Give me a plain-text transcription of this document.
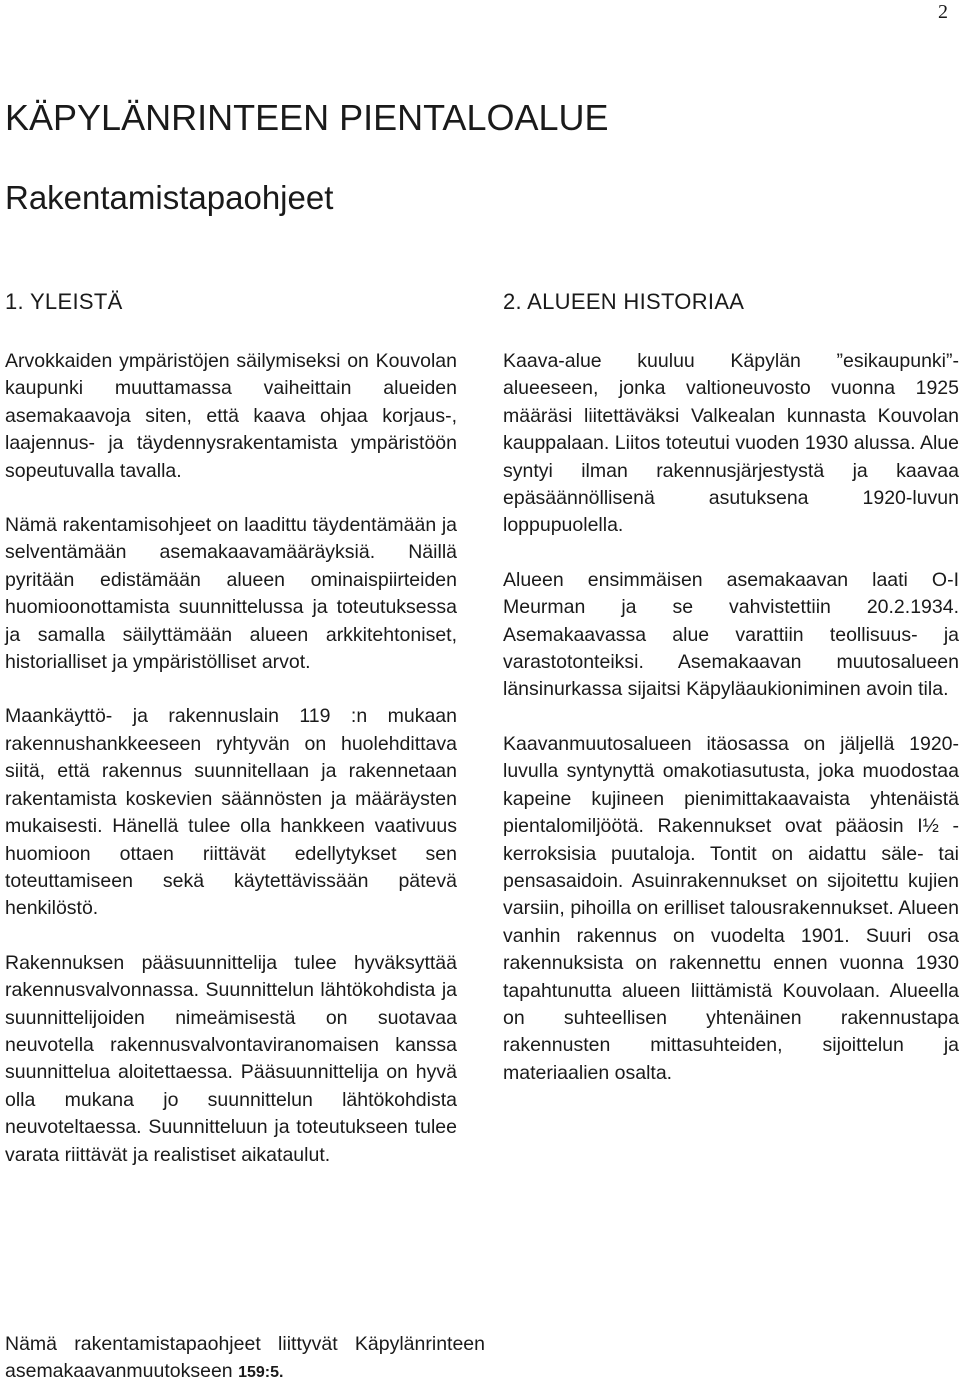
2
KÄPYLÄNRINTEEN PIENTALOALUE
Rakentamistapaohjeet
1. YLEISTÄ

Arvokkaiden ympäristöjen säilymiseksi on Kouvolan kaupunki muuttamassa vaiheittain alueiden asemakaavoja siten, että kaava ohjaa korjaus-, laajennus- ja täydennysrakentamista ympäristöön sopeutuvalla tavalla.

Nämä rakentamisohjeet on laadittu täydentämään ja selventämään asemakaavamääräyksiä. Näillä pyritään edistämään alueen ominaispiirteiden huomioonottamista suunnittelussa ja toteutuksessa ja samalla säilyttämään alueen arkkitehtoniset, historialliset ja ympäristölliset arvot.

Maankäyttö- ja rakennuslain 119 :n mukaan rakennushankkeeseen ryhtyvän on huolehdittava siitä, että rakennus suunnitellaan ja rakennetaan rakentamista koskevien säännösten ja määräysten mukaisesti. Hänellä tulee olla hankkeen vaativuus huomioon ottaen riittävät edellytykset sen toteuttamiseen sekä käytettävissään pätevä henkilöstö.

Rakennuksen pääsuunnittelija tulee hyväksyttää rakennusvalvonnassa. Suunnittelun lähtökohdista ja suunnittelijoiden nimeämisestä on suotavaa neuvotella rakennusvalvontaviranomaisen kanssa suunnittelua aloitettaessa. Pääsuunnittelija on hyvä olla mukana jo suunnittelun lähtökohdista neuvoteltaessa. Suunnitteluun ja toteutukseen tulee varata riittävät ja realistiset aikataulut.

Nämä rakentamistapaohjeet liittyvät Käpylänrinteen asemakaavanmuutokseen 159:5.

2. ALUEEN HISTORIAA

Kaava-alue kuuluu Käpylän ”esikaupunki”-alueeseen, jonka valtioneuvosto vuonna 1925 määräsi liitettäväksi Valkealan kunnasta Kouvolan kauppalaan. Liitos toteutui vuoden 1930 alussa. Alue syntyi ilman rakennusjärjestystä ja kaavaa epäsäännöllisenä asutuksena 1920-luvun loppupuolella.

Alueen ensimmäisen asemakaavan laati O-I Meurman ja se vahvistettiin 20.2.1934. Asemakaavassa alue varattiin teollisuus- ja varastotonteiksi. Asemakaavan muutosalueen länsinurkassa sijaitsi Käpyläaukioniminen avoin tila.

Kaavanmuutosalueen itäosassa on jäljellä 1920-luvulla syntynyttä omakotiasutusta, joka muodostaa kapeine kujineen pienimittakaavaista yhtenäistä pientalomiljöötä. Rakennukset ovat pääosin I½ -kerroksisia puutaloja. Tontit on aidattu säle- tai pensasaidoin. Asuinrakennukset on sijoitettu kujien varsiin, pihoilla on erilliset talousrakennukset. Alueen vanhin rakennus on vuodelta 1901. Suuri osa rakennuksista on rakennettu ennen vuonna 1930 tapahtunutta alueen liittämistä Kouvolaan. Alueella on suhteellisen yhtenäinen rakennustapa rakennusten mittasuhteiden, sijoittelun ja materiaalien osalta.
